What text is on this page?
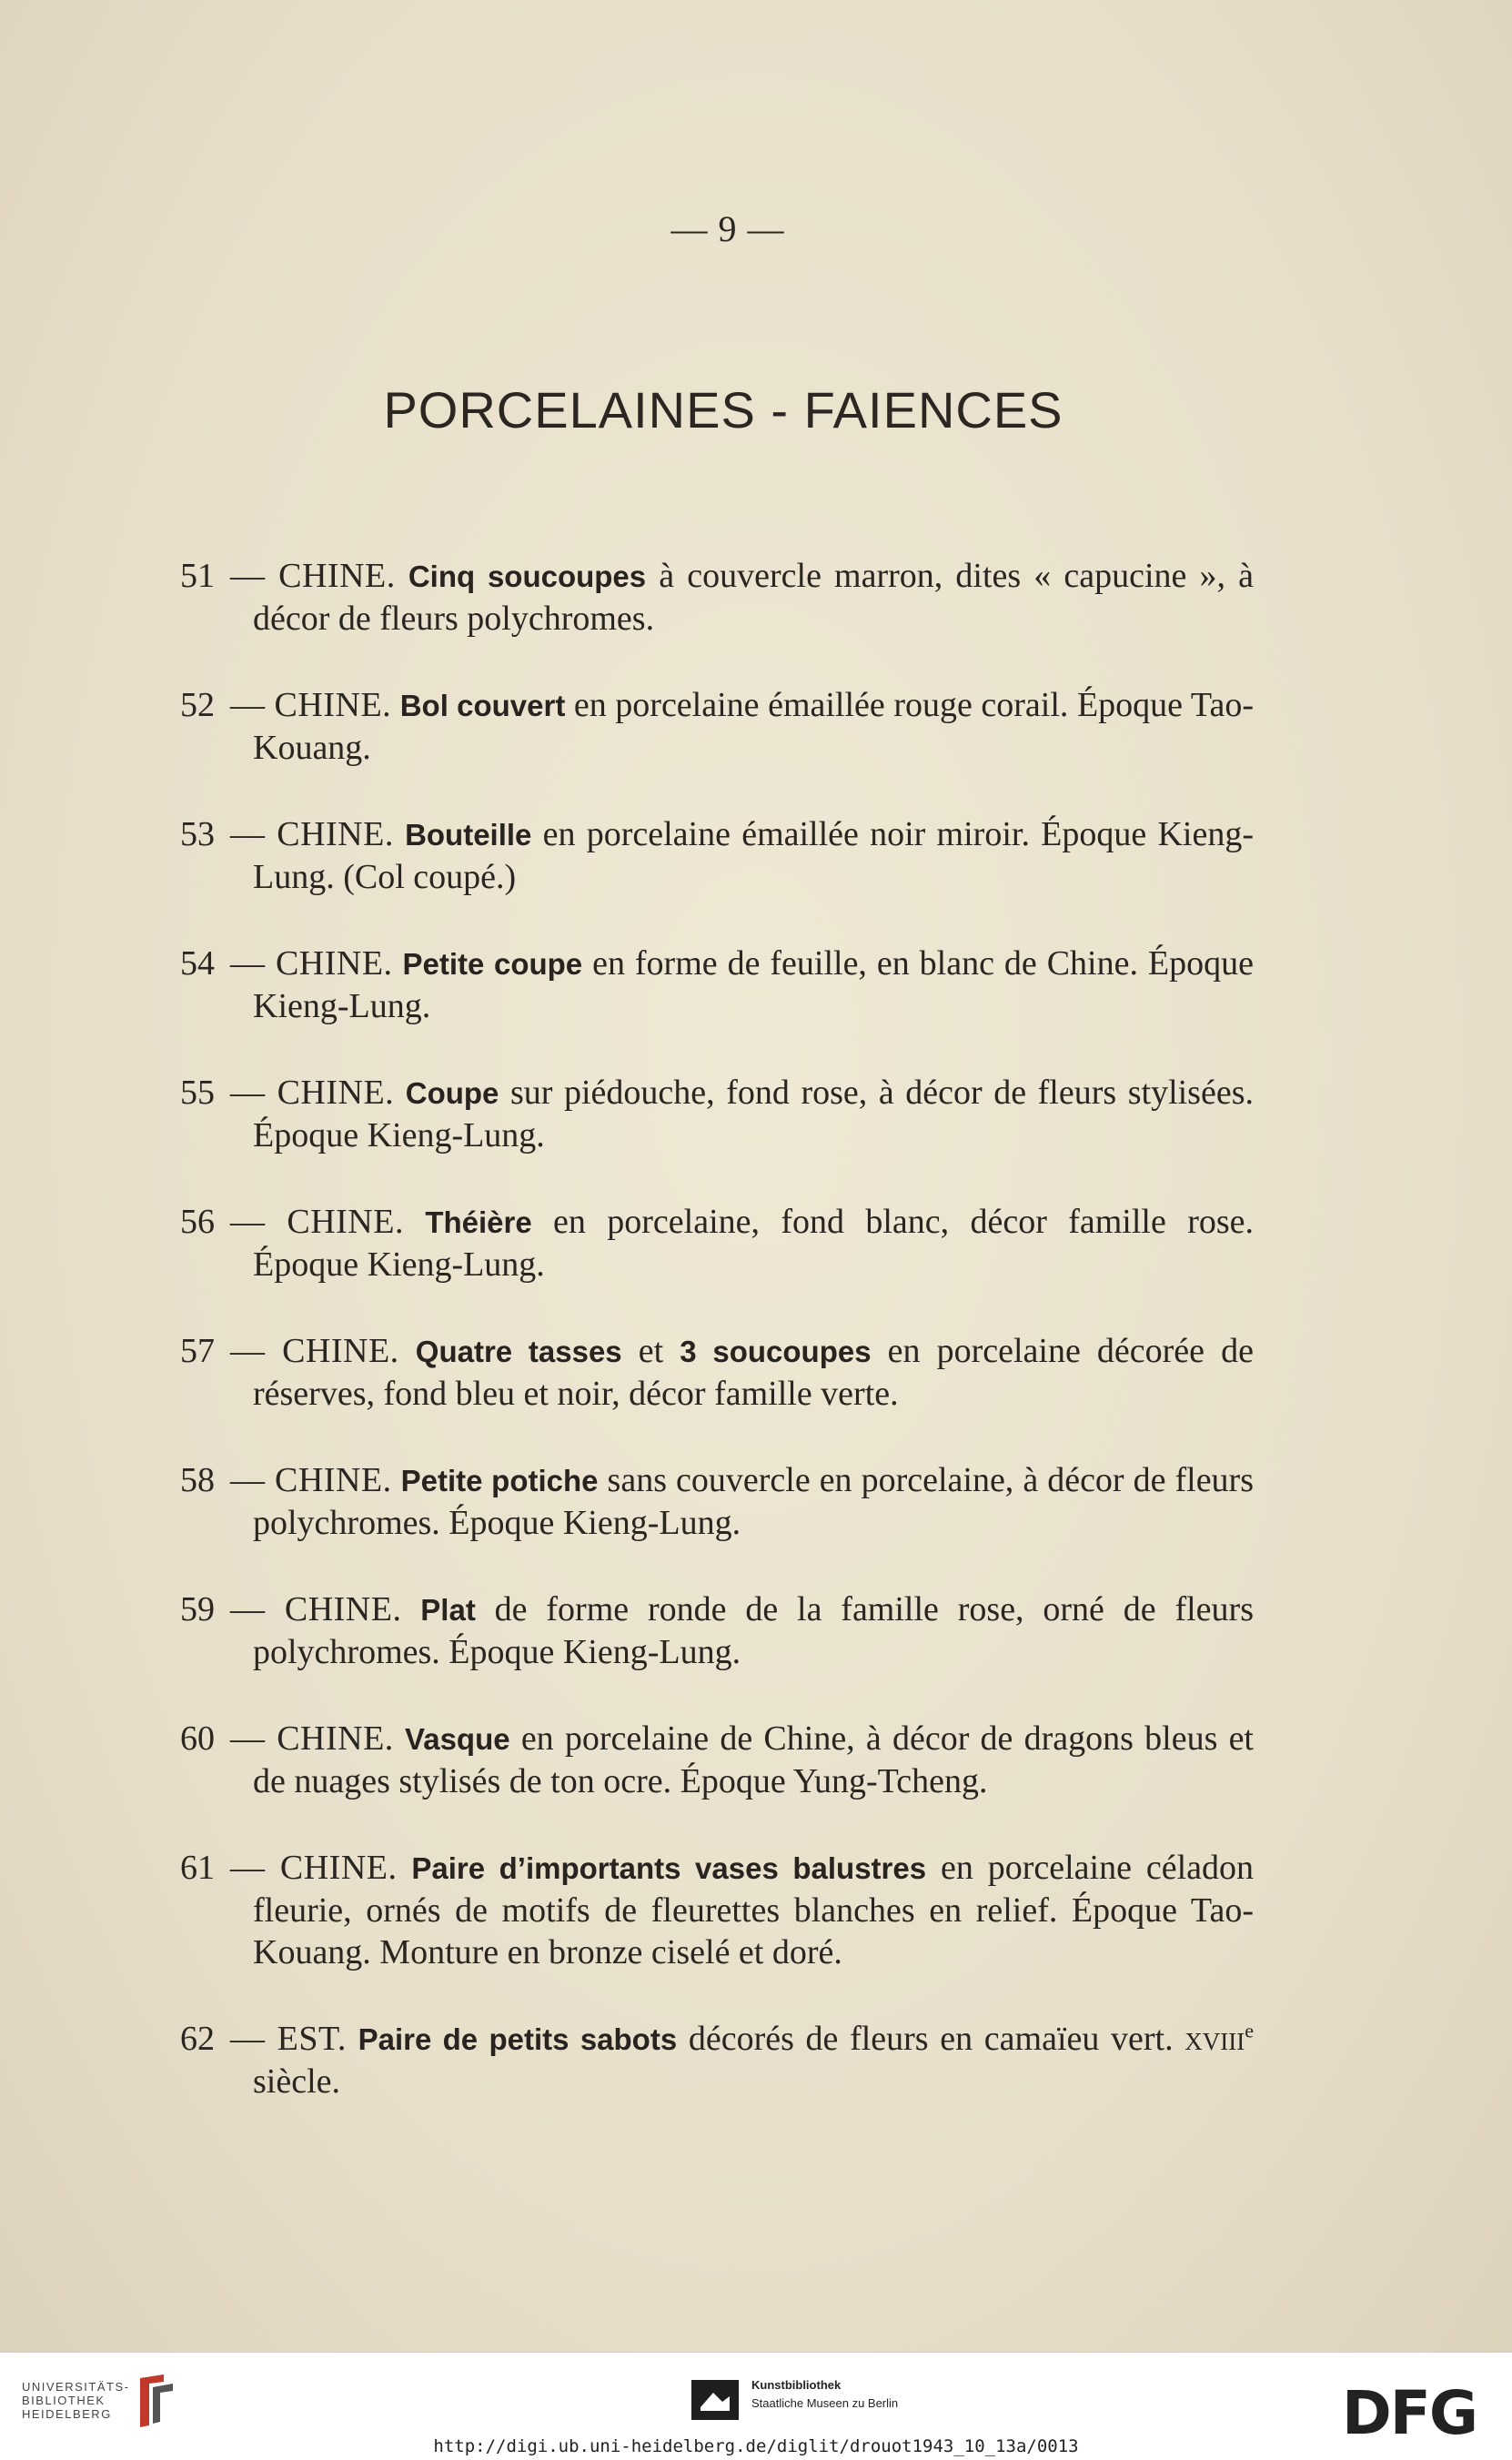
— 9 —
PORCELAINES - FAIENCES

51 — CHINE. Cinq soucoupes à couvercle marron, dites « capucine », à décor de fleurs polychromes.

52 — CHINE. Bol couvert en porcelaine émaillée rouge corail. Époque Tao-Kouang.

53 — CHINE. Bouteille en porcelaine émaillée noir miroir. Époque Kieng-Lung. (Col coupé.)

54 — CHINE. Petite coupe en forme de feuille, en blanc de Chine. Époque Kieng-Lung.

55 — CHINE. Coupe sur piédouche, fond rose, à décor de fleurs stylisées. Époque Kieng-Lung.

56 — CHINE. Théière en porcelaine, fond blanc, décor famille rose. Époque Kieng-Lung.

57 — CHINE. Quatre tasses et 3 soucoupes en porcelaine décorée de réserves, fond bleu et noir, décor famille verte.

58 — CHINE. Petite potiche sans couvercle en porcelaine, à décor de fleurs polychromes. Époque Kieng-Lung.

59 — CHINE. Plat de forme ronde de la famille rose, orné de fleurs polychromes. Époque Kieng-Lung.

60 — CHINE. Vasque en porcelaine de Chine, à décor de dragons bleus et de nuages stylisés de ton ocre. Époque Yung-Tcheng.

61 — CHINE. Paire d’importants vases balustres en porcelaine céladon fleurie, ornés de motifs de fleurettes blanches en relief. Époque Tao-Kouang. Monture en bronze ciselé et doré.

62 — EST. Paire de petits sabots décorés de fleurs en camaïeu vert. xviii$^e$ siècle.

UNIVERSITÄTS-
BIBLIOTHEK
HEIDELBERG
Kunstbibliothek
Staatliche Museen zu Berlin	DFG
http://digi.ub.uni-heidelberg.de/diglit/drouot1943_10_13a/0013
